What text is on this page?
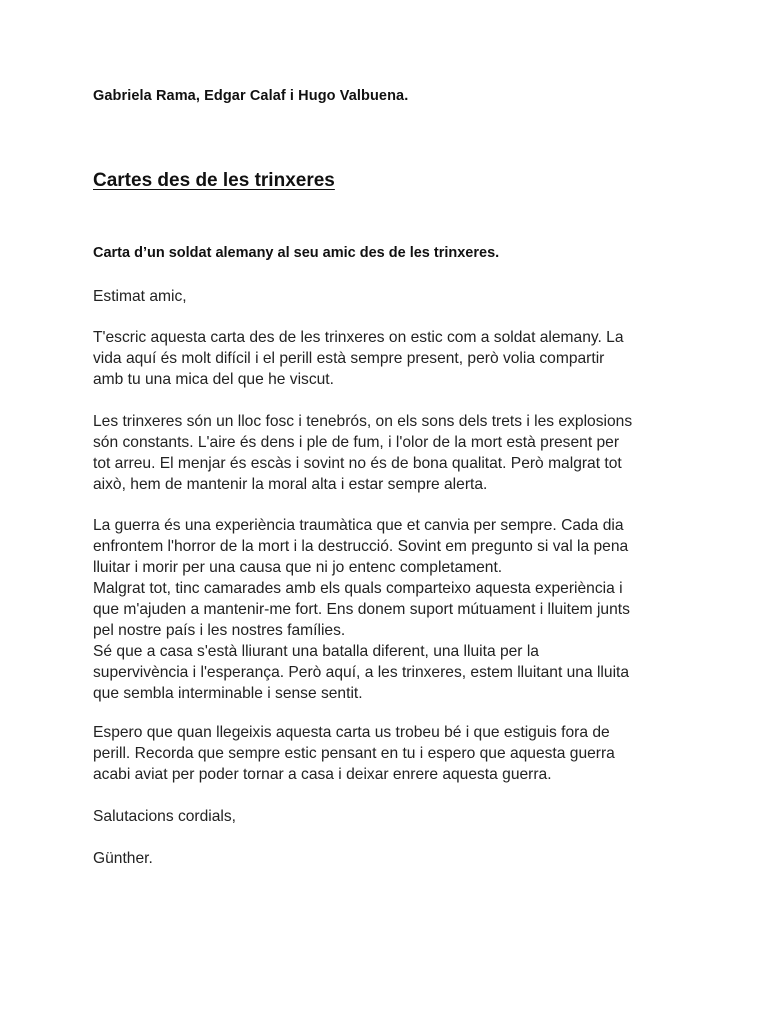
Gabriela Rama, Edgar Calaf i Hugo Valbuena.
Cartes des de les trinxeres
Carta d’un soldat alemany al seu amic des de les trinxeres.
Estimat amic,
T'escric aquesta carta des de les trinxeres on estic com a soldat alemany. La
vida aquí és molt difícil i el perill està sempre present, però volia compartir
amb tu una mica del que he viscut.
Les trinxeres són un lloc fosc i tenebrós, on els sons dels trets i les explosions
són constants. L'aire és dens i ple de fum, i l'olor de la mort està present per
tot arreu. El menjar és escàs i sovint no és de bona qualitat. Però malgrat tot
això, hem de mantenir la moral alta i estar sempre alerta.
La guerra és una experiència traumàtica que et canvia per sempre. Cada dia
enfrontem l'horror de la mort i la destrucció. Sovint em pregunto si val la pena
lluitar i morir per una causa que ni jo entenc completament.
Malgrat tot, tinc camarades amb els quals comparteixo aquesta experiència i
que m'ajuden a mantenir-me fort. Ens donem suport mútuament i lluitem junts
pel nostre país i les nostres famílies.
Sé que a casa s'està lliurant una batalla diferent, una lluita per la
supervivència i l'esperança. Però aquí, a les trinxeres, estem lluitant una lluita
que sembla interminable i sense sentit.
Espero que quan llegeixis aquesta carta us trobeu bé i que estiguis fora de
perill. Recorda que sempre estic pensant en tu i espero que aquesta guerra
acabi aviat per poder tornar a casa i deixar enrere aquesta guerra.
Salutacions cordials,
Günther.
